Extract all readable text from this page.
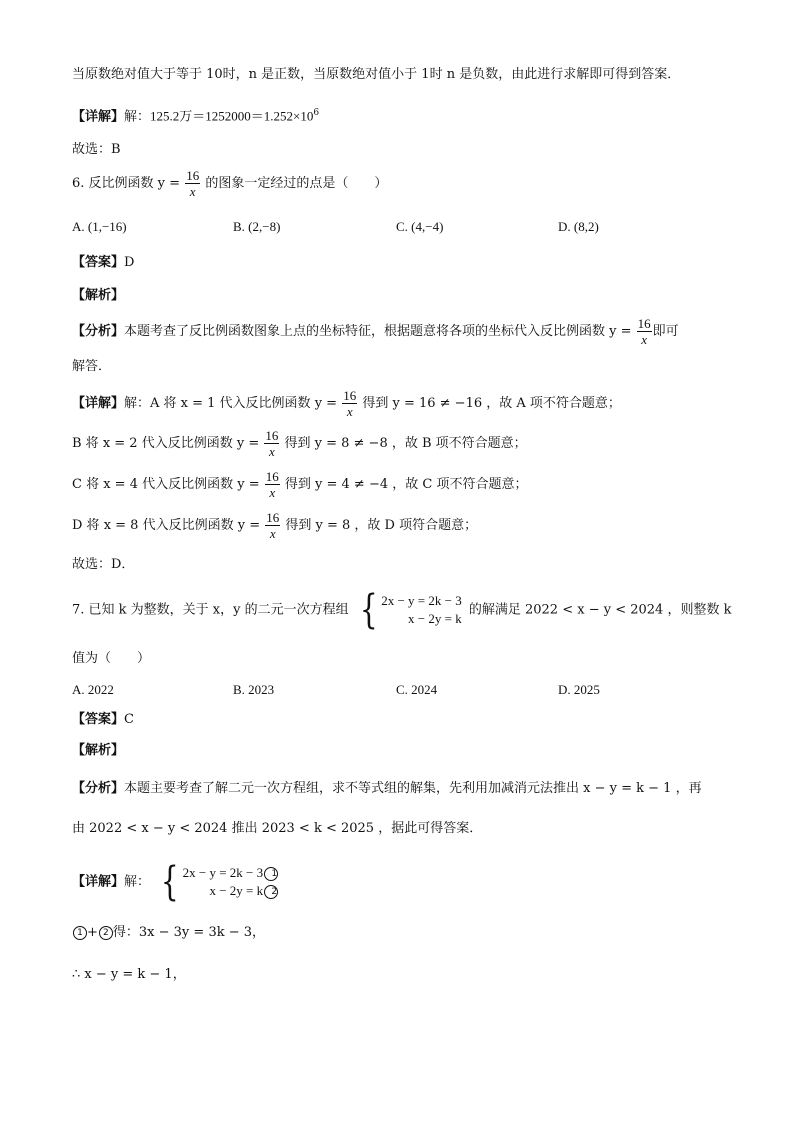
当原数绝对值大于等于 10时，n 是正数，当原数绝对值小于 1时 n 是负数，由此进行求解即可得到答案．
【详解】解：125.2万$=1252000=1.252\times 10^6$
故选：B
6. 反比例函数 $y = \frac{16}{x}$ 的图象一定经过的点是（　　）
A. (1,−16)	B. (2,−8)	C. (4,−4)	D. (8,2)
【答案】D
【解析】
【分析】本题考查了反比例函数图象上点的坐标特征，根据题意将各项的坐标代入反比例函数 $y = \frac{16}{x}$ 即可
解答．
【详解】解：A 将 x = 1 代入反比例函数 $y = \frac{16}{x}$ 得到 y = 16 ≠ −16 ，故 A 项不符合题意；
B 将 x = 2 代入反比例函数 $y = \frac{16}{x}$ 得到 y = 8 ≠ −8 ，故 B 项不符合题意；
C 将 x = 4 代入反比例函数 $y = \frac{16}{x}$ 得到 y = 4 ≠ −4 ，故 C 项不符合题意；
D 将 x = 8 代入反比例函数 $y = \frac{16}{x}$ 得到 y = 8 ，故 D 项符合题意；
故选：D．
7. 已知 k 为整数，关于 x，y 的二元一次方程组 { 2x − y = 2k − 3
x − 2y = k
的解满足 2022 < x − y < 2024 ，则整数 k
值为（　　）
A. 2022	B. 2023	C. 2024	D. 2025
【答案】C
【解析】
【分析】本题主要考查了解二元一次方程组，求不等式组的解集，先利用加减消元法推出 x − y = k − 1 ，再
由 2022 < x − y < 2024 推出 2023 < k < 2025 ，据此可得答案．
【详解】解： { 2x − y = 2k − 3 1
x − 2y = k 2
1 + 2 得：3x − 3y = 3k − 3，
∴ x − y = k − 1，
